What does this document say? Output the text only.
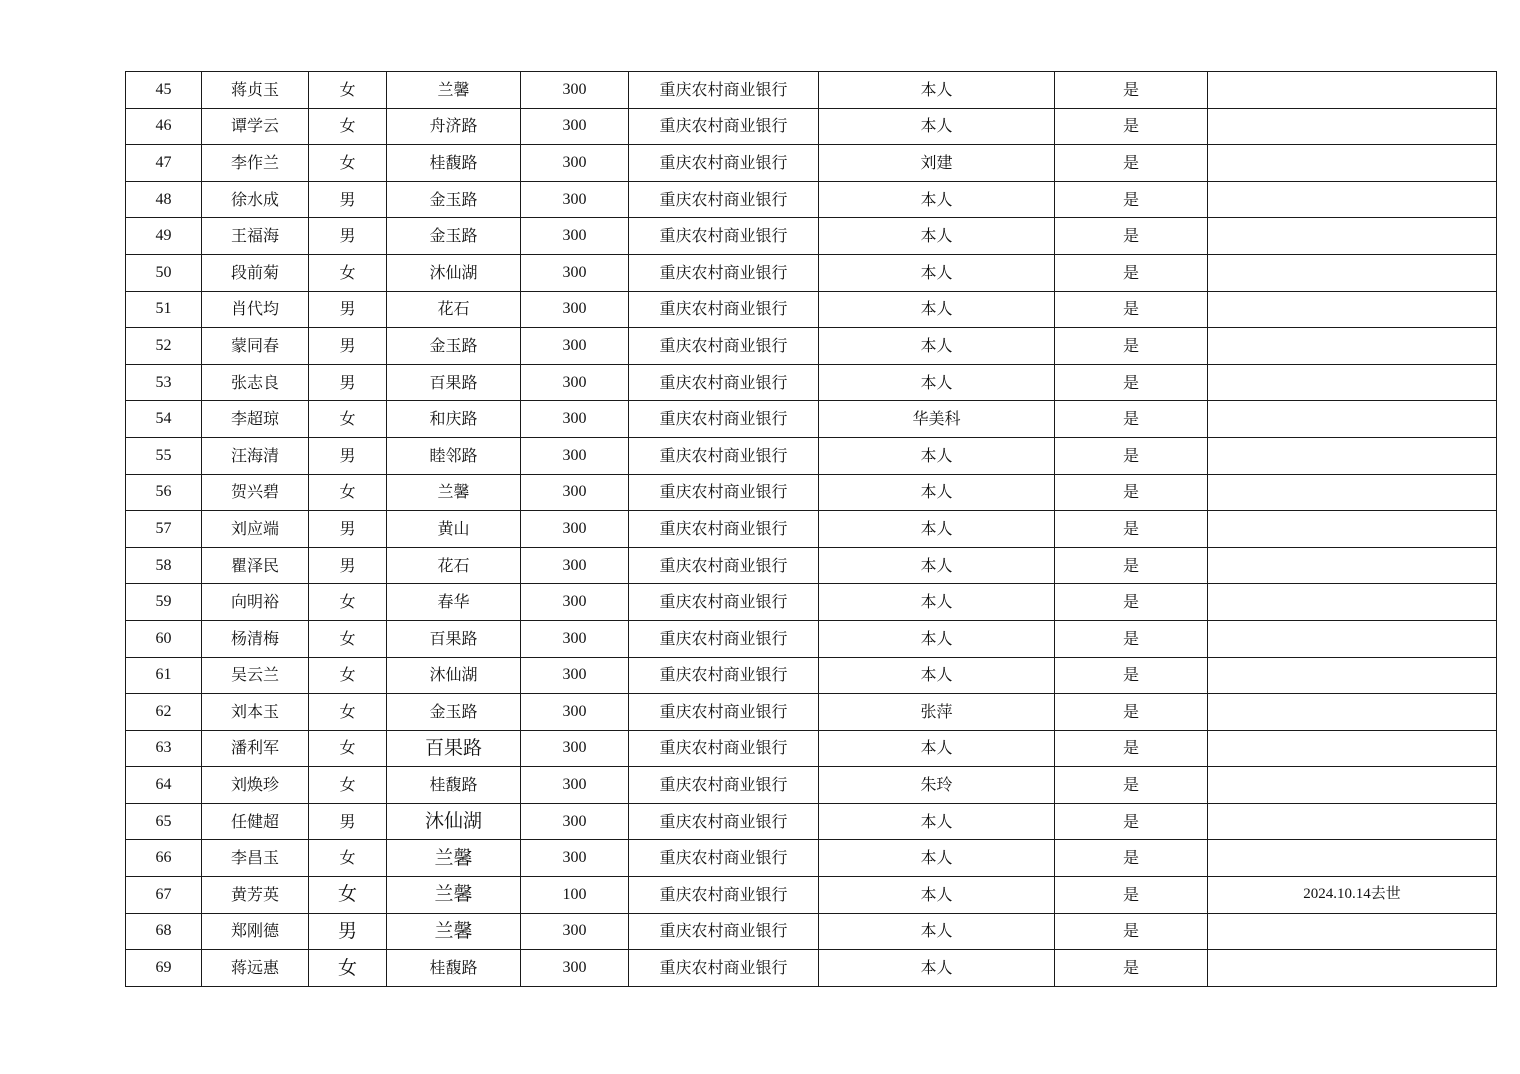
45	蒋贞玉	女	兰馨	300	重庆农村商业银行	本人	是	
46	谭学云	女	舟济路	300	重庆农村商业银行	本人	是	
47	李作兰	女	桂馥路	300	重庆农村商业银行	刘建	是	
48	徐水成	男	金玉路	300	重庆农村商业银行	本人	是	
49	王福海	男	金玉路	300	重庆农村商业银行	本人	是	
50	段前菊	女	沐仙湖	300	重庆农村商业银行	本人	是	
51	肖代均	男	花石	300	重庆农村商业银行	本人	是	
52	蒙同春	男	金玉路	300	重庆农村商业银行	本人	是	
53	张志良	男	百果路	300	重庆农村商业银行	本人	是	
54	李超琼	女	和庆路	300	重庆农村商业银行	华美科	是	
55	汪海清	男	睦邻路	300	重庆农村商业银行	本人	是	
56	贺兴碧	女	兰馨	300	重庆农村商业银行	本人	是	
57	刘应端	男	黄山	300	重庆农村商业银行	本人	是	
58	瞿泽民	男	花石	300	重庆农村商业银行	本人	是	
59	向明裕	女	春华	300	重庆农村商业银行	本人	是	
60	杨清梅	女	百果路	300	重庆农村商业银行	本人	是	
61	吴云兰	女	沐仙湖	300	重庆农村商业银行	本人	是	
62	刘本玉	女	金玉路	300	重庆农村商业银行	张萍	是	
63	潘利军	女	百果路	300	重庆农村商业银行	本人	是	
64	刘焕珍	女	桂馥路	300	重庆农村商业银行	朱玲	是	
65	任健超	男	沐仙湖	300	重庆农村商业银行	本人	是	
66	李昌玉	女	兰馨	300	重庆农村商业银行	本人	是	
67	黄芳英	女	兰馨	100	重庆农村商业银行	本人	是	2024.10.14去世
68	郑刚德	男	兰馨	300	重庆农村商业银行	本人	是	
69	蒋远惠	女	桂馥路	300	重庆农村商业银行	本人	是	
